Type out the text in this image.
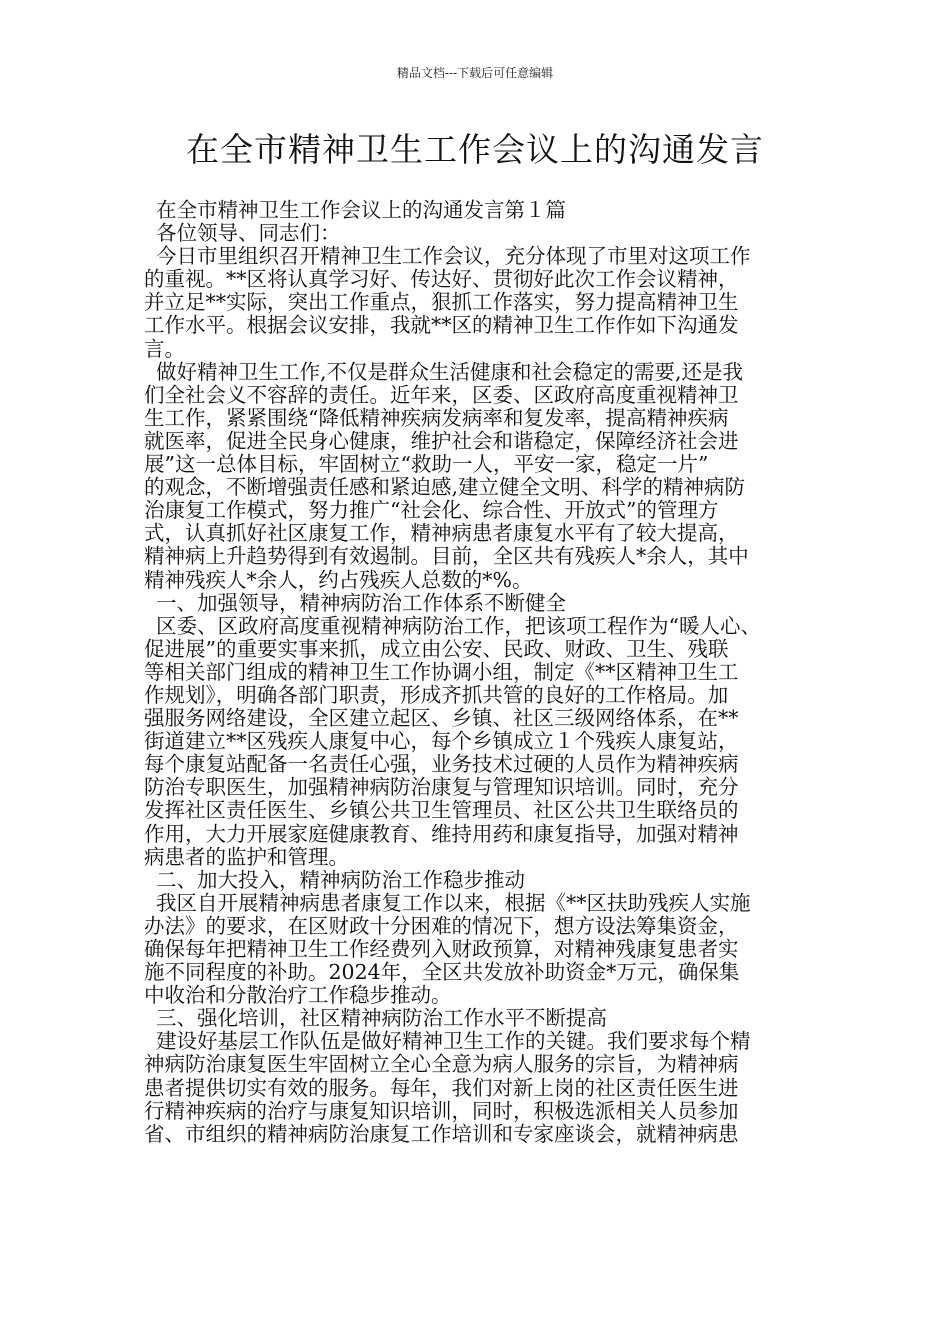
精品文档---下载后可任意编辑
在全市精神卫生工作会议上的沟通发言
在全市精神卫生工作会议上的沟通发言第１篇
各位领导、同志们：
今日市里组织召开精神卫生工作会议，充分体现了市里对这项工作
的重视。**区将认真学习好、传达好、贯彻好此次工作会议精神，
并立足**实际，突出工作重点，狠抓工作落实，努力提高精神卫生
工作水平。根据会议安排，我就**区的精神卫生工作作如下沟通发
言。
做好精神卫生工作,不仅是群众生活健康和社会稳定的需要,还是我
们全社会义不容辞的责任。近年来，区委、区政府高度重视精神卫
生工作，紧紧围绕“降低精神疾病发病率和复发率，提高精神疾病
就医率，促进全民身心健康，维护社会和谐稳定，保障经济社会进
展”这一总体目标，牢固树立“救助一人，平安一家，稳定一片”
的观念，不断增强责任感和紧迫感,建立健全文明、科学的精神病防
治康复工作模式，努力推广“社会化、综合性、开放式”的管理方
式，认真抓好社区康复工作，精神病患者康复水平有了较大提高，
精神病上升趋势得到有效遏制。目前，全区共有残疾人*余人，其中
精神残疾人*余人，约占残疾人总数的*%。
一、加强领导，精神病防治工作体系不断健全
区委、区政府高度重视精神病防治工作，把该项工程作为“暖人心、
促进展”的重要实事来抓，成立由公安、民政、财政、卫生、残联
等相关部门组成的精神卫生工作协调小组，制定《**区精神卫生工
作规划》，明确各部门职责，形成齐抓共管的良好的工作格局。加
强服务网络建设，全区建立起区、乡镇、社区三级网络体系，在**
街道建立**区残疾人康复中心，每个乡镇成立１个残疾人康复站，
每个康复站配备一名责任心强，业务技术过硬的人员作为精神疾病
防治专职医生，加强精神病防治康复与管理知识培训。同时，充分
发挥社区责任医生、乡镇公共卫生管理员、社区公共卫生联络员的
作用，大力开展家庭健康教育、维持用药和康复指导，加强对精神
病患者的监护和管理。
二、加大投入，精神病防治工作稳步推动
我区自开展精神病患者康复工作以来，根据《**区扶助残疾人实施
办法》的要求，在区财政十分困难的情况下，想方设法筹集资金，
确保每年把精神卫生工作经费列入财政预算，对精神残康复患者实
施不同程度的补助。2024年，全区共发放补助资金*万元，确保集
中收治和分散治疗工作稳步推动。
三、强化培训，社区精神病防治工作水平不断提高
建设好基层工作队伍是做好精神卫生工作的关键。我们要求每个精
神病防治康复医生牢固树立全心全意为病人服务的宗旨，为精神病
患者提供切实有效的服务。每年，我们对新上岗的社区责任医生进
行精神疾病的治疗与康复知识培训，同时，积极选派相关人员参加
省、市组织的精神病防治康复工作培训和专家座谈会，就精神病患
